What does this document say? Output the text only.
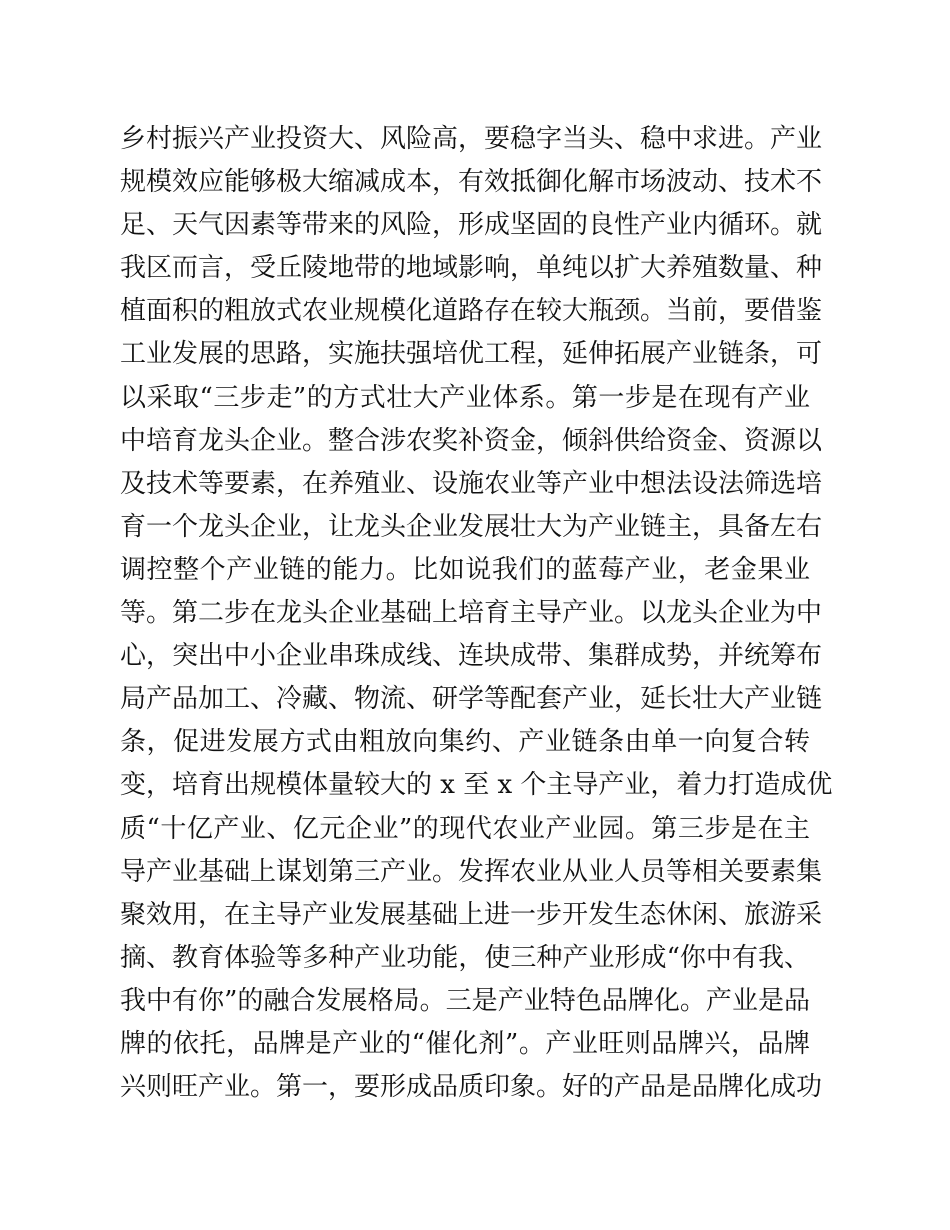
乡村振兴产业投资大、风险高，要稳字当头、稳中求进。产业
规模效应能够极大缩减成本，有效抵御化解市场波动、技术不
足、天气因素等带来的风险，形成坚固的良性产业内循环。就
我区而言，受丘陵地带的地域影响，单纯以扩大养殖数量、种
植面积的粗放式农业规模化道路存在较大瓶颈。当前，要借鉴
工业发展的思路，实施扶强培优工程，延伸拓展产业链条，可
以采取“三步走”的方式壮大产业体系。第一步是在现有产业
中培育龙头企业。整合涉农奖补资金，倾斜供给资金、资源以
及技术等要素，在养殖业、设施农业等产业中想法设法筛选培
育一个龙头企业，让龙头企业发展壮大为产业链主，具备左右
调控整个产业链的能力。比如说我们的蓝莓产业，老金果业
等。第二步在龙头企业基础上培育主导产业。以龙头企业为中
心，突出中小企业串珠成线、连块成带、集群成势，并统筹布
局产品加工、冷藏、物流、研学等配套产业，延长壮大产业链
条，促进发展方式由粗放向集约、产业链条由单一向复合转
变，培育出规模体量较大的 x 至 x 个主导产业，着力打造成优
质“十亿产业、亿元企业”的现代农业产业园。第三步是在主
导产业基础上谋划第三产业。发挥农业从业人员等相关要素集
聚效用，在主导产业发展基础上进一步开发生态休闲、旅游采
摘、教育体验等多种产业功能，使三种产业形成“你中有我、
我中有你”的融合发展格局。三是产业特色品牌化。产业是品
牌的依托，品牌是产业的“催化剂”。产业旺则品牌兴，品牌
兴则旺产业。第一，要形成品质印象。好的产品是品牌化成功
